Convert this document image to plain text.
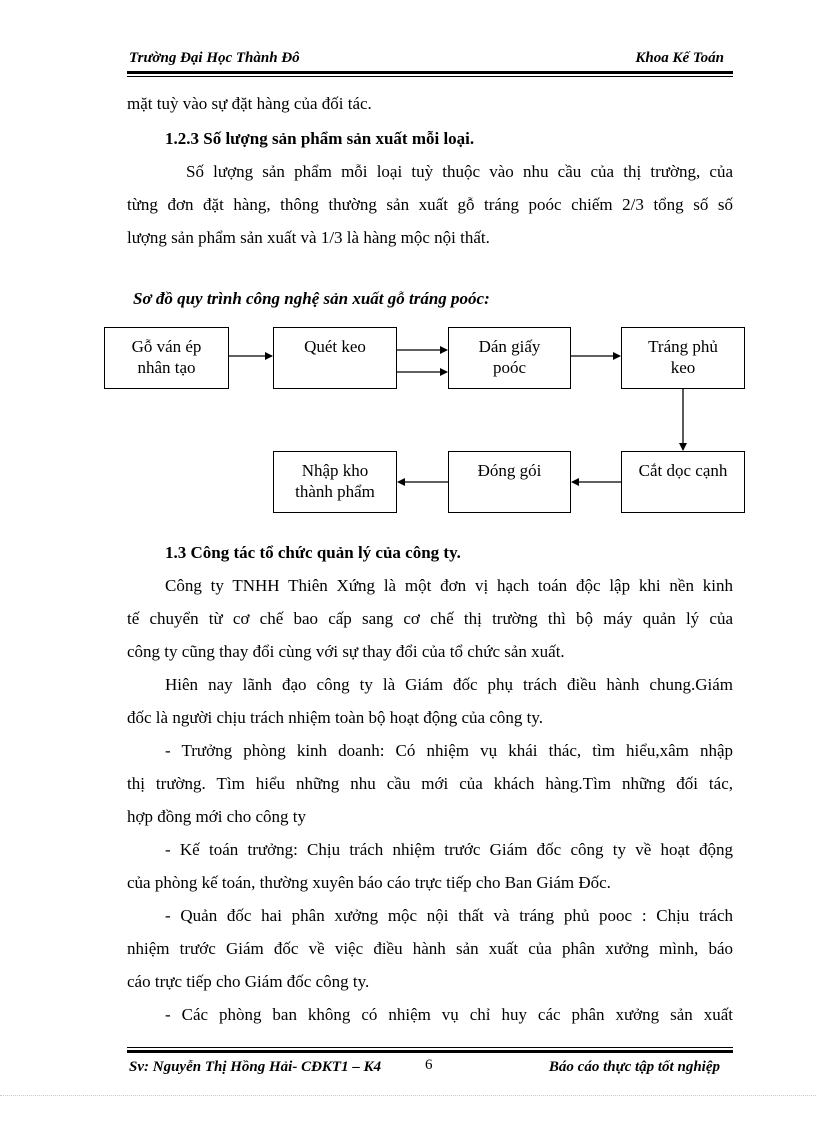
Trường Đại Học Thành Đô	Khoa Kế Toán
mặt tuỳ vào sự đặt hàng của đối tác.
1.2.3 Số lượng sản phẩm sản xuất mỗi loại.
Số lượng sản phẩm mỗi loại tuỳ thuộc vào nhu cầu của thị trường, của
từng đơn đặt hàng, thông thường sản xuất gỗ tráng poóc chiếm 2/3 tổng số số
lượng sản phẩm sản xuất và 1/3 là hàng mộc nội thất.
Sơ đồ quy trình công nghệ sản xuất gỗ tráng poóc:
Gỗ ván ép
nhân tạo
Quét keo	Dán giấy
poóc
Tráng phủ
keo
Nhập kho
thành phẩm
Đóng gói	Cắt dọc cạnh
1.3 Công tác tổ chức quản lý của công ty.
Công ty TNHH Thiên Xứng là một đơn vị hạch toán độc lập khi nền kinh
tế chuyển từ cơ chế bao cấp sang cơ chế thị trường thì bộ máy quản lý của
công ty cũng thay đổi cùng với sự thay đổi của tổ chức sản xuất.
Hiên nay lãnh đạo công ty là Giám đốc phụ trách điều hành chung.Giám
đốc là người chịu trách nhiệm toàn bộ hoạt động của công ty.
- Trưởng phòng kinh doanh: Có nhiệm vụ khái thác, tìm hiểu,xâm nhập
thị trường. Tìm hiểu những nhu cầu mới của khách hàng.Tìm những đối tác,
hợp đồng mới cho công ty
- Kế toán trưởng: Chịu trách nhiệm trước Giám đốc công ty về hoạt động
của phòng kế toán, thường xuyên báo cáo trực tiếp cho Ban Giám Đốc.
- Quản đốc hai phân xưởng mộc nội thất và tráng phủ pooc : Chịu trách
nhiệm trước Giám đốc về việc điều hành sản xuất của phân xưởng mình, báo
cáo trực tiếp cho Giám đốc công ty.
- Các phòng ban không có nhiệm vụ chỉ huy các phân xưởng sản xuất
Sv: Nguyễn Thị Hồng Hải- CĐKT1 – K4	6	Báo cáo thực tập tốt nghiệp
